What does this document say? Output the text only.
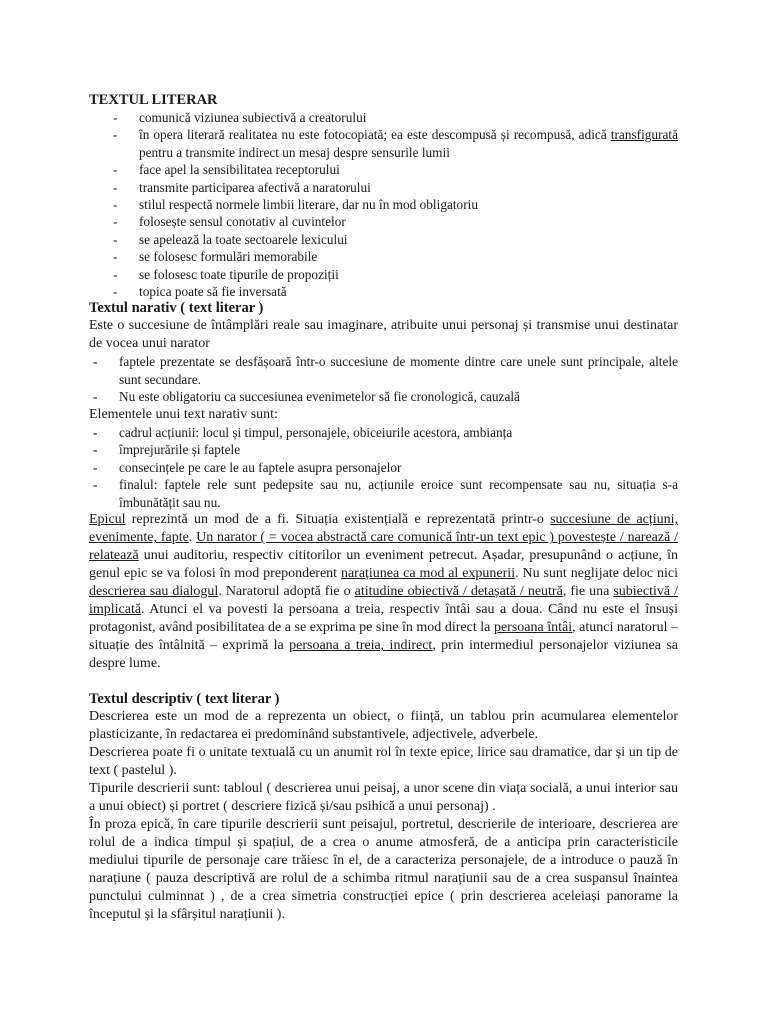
TEXTUL LITERAR
- comunică viziunea subiectivă a creatorului
- în opera literară realitatea nu este fotocopiată; ea este descompusă și recompusă, adică transfigurată pentru a transmite indirect un mesaj despre sensurile lumii
- face apel la sensibilitatea receptorului
- transmite participarea afectivă a naratorului
- stilul respectă normele limbii literare, dar nu în mod obligatoriu
- folosește sensul conotativ al cuvintelor
- se apelează la toate sectoarele lexicului
- se folosesc formulări memorabile
- se folosesc toate tipurile de propoziții
- topica poate să fie inversată
Textul narativ ( text literar )

Este o succesiune de întâmplări reale sau imaginare, atribuite unui personaj și transmise unui destinatar de vocea unui narator

- faptele prezentate se desfășoară într-o succesiune de momente dintre care unele sunt principale, altele sunt secundare.
- Nu este obligatoriu ca succesiunea evenimetelor să fie cronologică, cauzală

Elementele unui text narativ sunt:

- cadrul acțiunii: locul și timpul, personajele, obiceiurile acestora, ambianța
- împrejurările și faptele
- consecințele pe care le au faptele asupra personajelor
- finalul: faptele rele sunt pedepsite sau nu, acțiunile eroice sunt recompensate sau nu, situația s-a îmbunătățit sau nu.

Epicul reprezintă un mod de a fi. Situația existențială e reprezentată printr-o succesiune de acțiuni, evenimente, fapte. Un narator ( = vocea abstractă care comunică într-un text epic ) povestește / narează / relatează unui auditoriu, respectiv cititorilor un eveniment petrecut. Așadar, presupunând o acțiune, în genul epic se va folosi în mod preponderent narațiunea ca mod al expunerii. Nu sunt neglijate deloc nici descrierea sau dialogul. Naratorul adoptă fie o atitudine obiectivă / detașată / neutră, fie una subiectivă / implicată. Atunci el va povesti la persoana a treia, respectiv întâi sau a doua. Când nu este el însuși protagonist, având posibilitatea de a se exprima pe sine în mod direct la persoana întâi, atunci naratorul – situație des întâlnită – exprimă la persoana a treia, indirect, prin intermediul personajelor viziunea sa despre lume.

Textul descriptiv ( text literar )

Descrierea este un mod de a reprezenta un obiect, o ființă, un tablou prin acumularea elementelor plasticizante, în redactarea ei predominând substantivele, adjectivele, adverbele.

Descrierea poate fi o unitate textuală cu un anumit rol în texte epice, lirice sau dramatice, dar și un tip de text ( pastelul ).

Tipurile descrierii sunt: tabloul ( descrierea unui peisaj, a unor scene din viața socială, a unui interior sau a unui obiect) și portret ( descriere fizică și/sau psihică a unui personaj) .

În proza epică, în care tipurile descrierii sunt peisajul, portretul, descrierile de interioare, descrierea are rolul de a indica timpul și spațiul, de a crea o anume atmosferă, de a anticipa prin caracteristicile mediului tipurile de personaje care trăiesc în el, de a caracteriza personajele, de a introduce o pauză în narațiune ( pauza descriptivă are rolul de a schimba ritmul narațiunii sau de a crea suspansul înaintea punctului culminnat ) , de a crea simetria construcției epice ( prin descrierea aceleiași panorame la începutul și la sfârșitul narațiunii ).
